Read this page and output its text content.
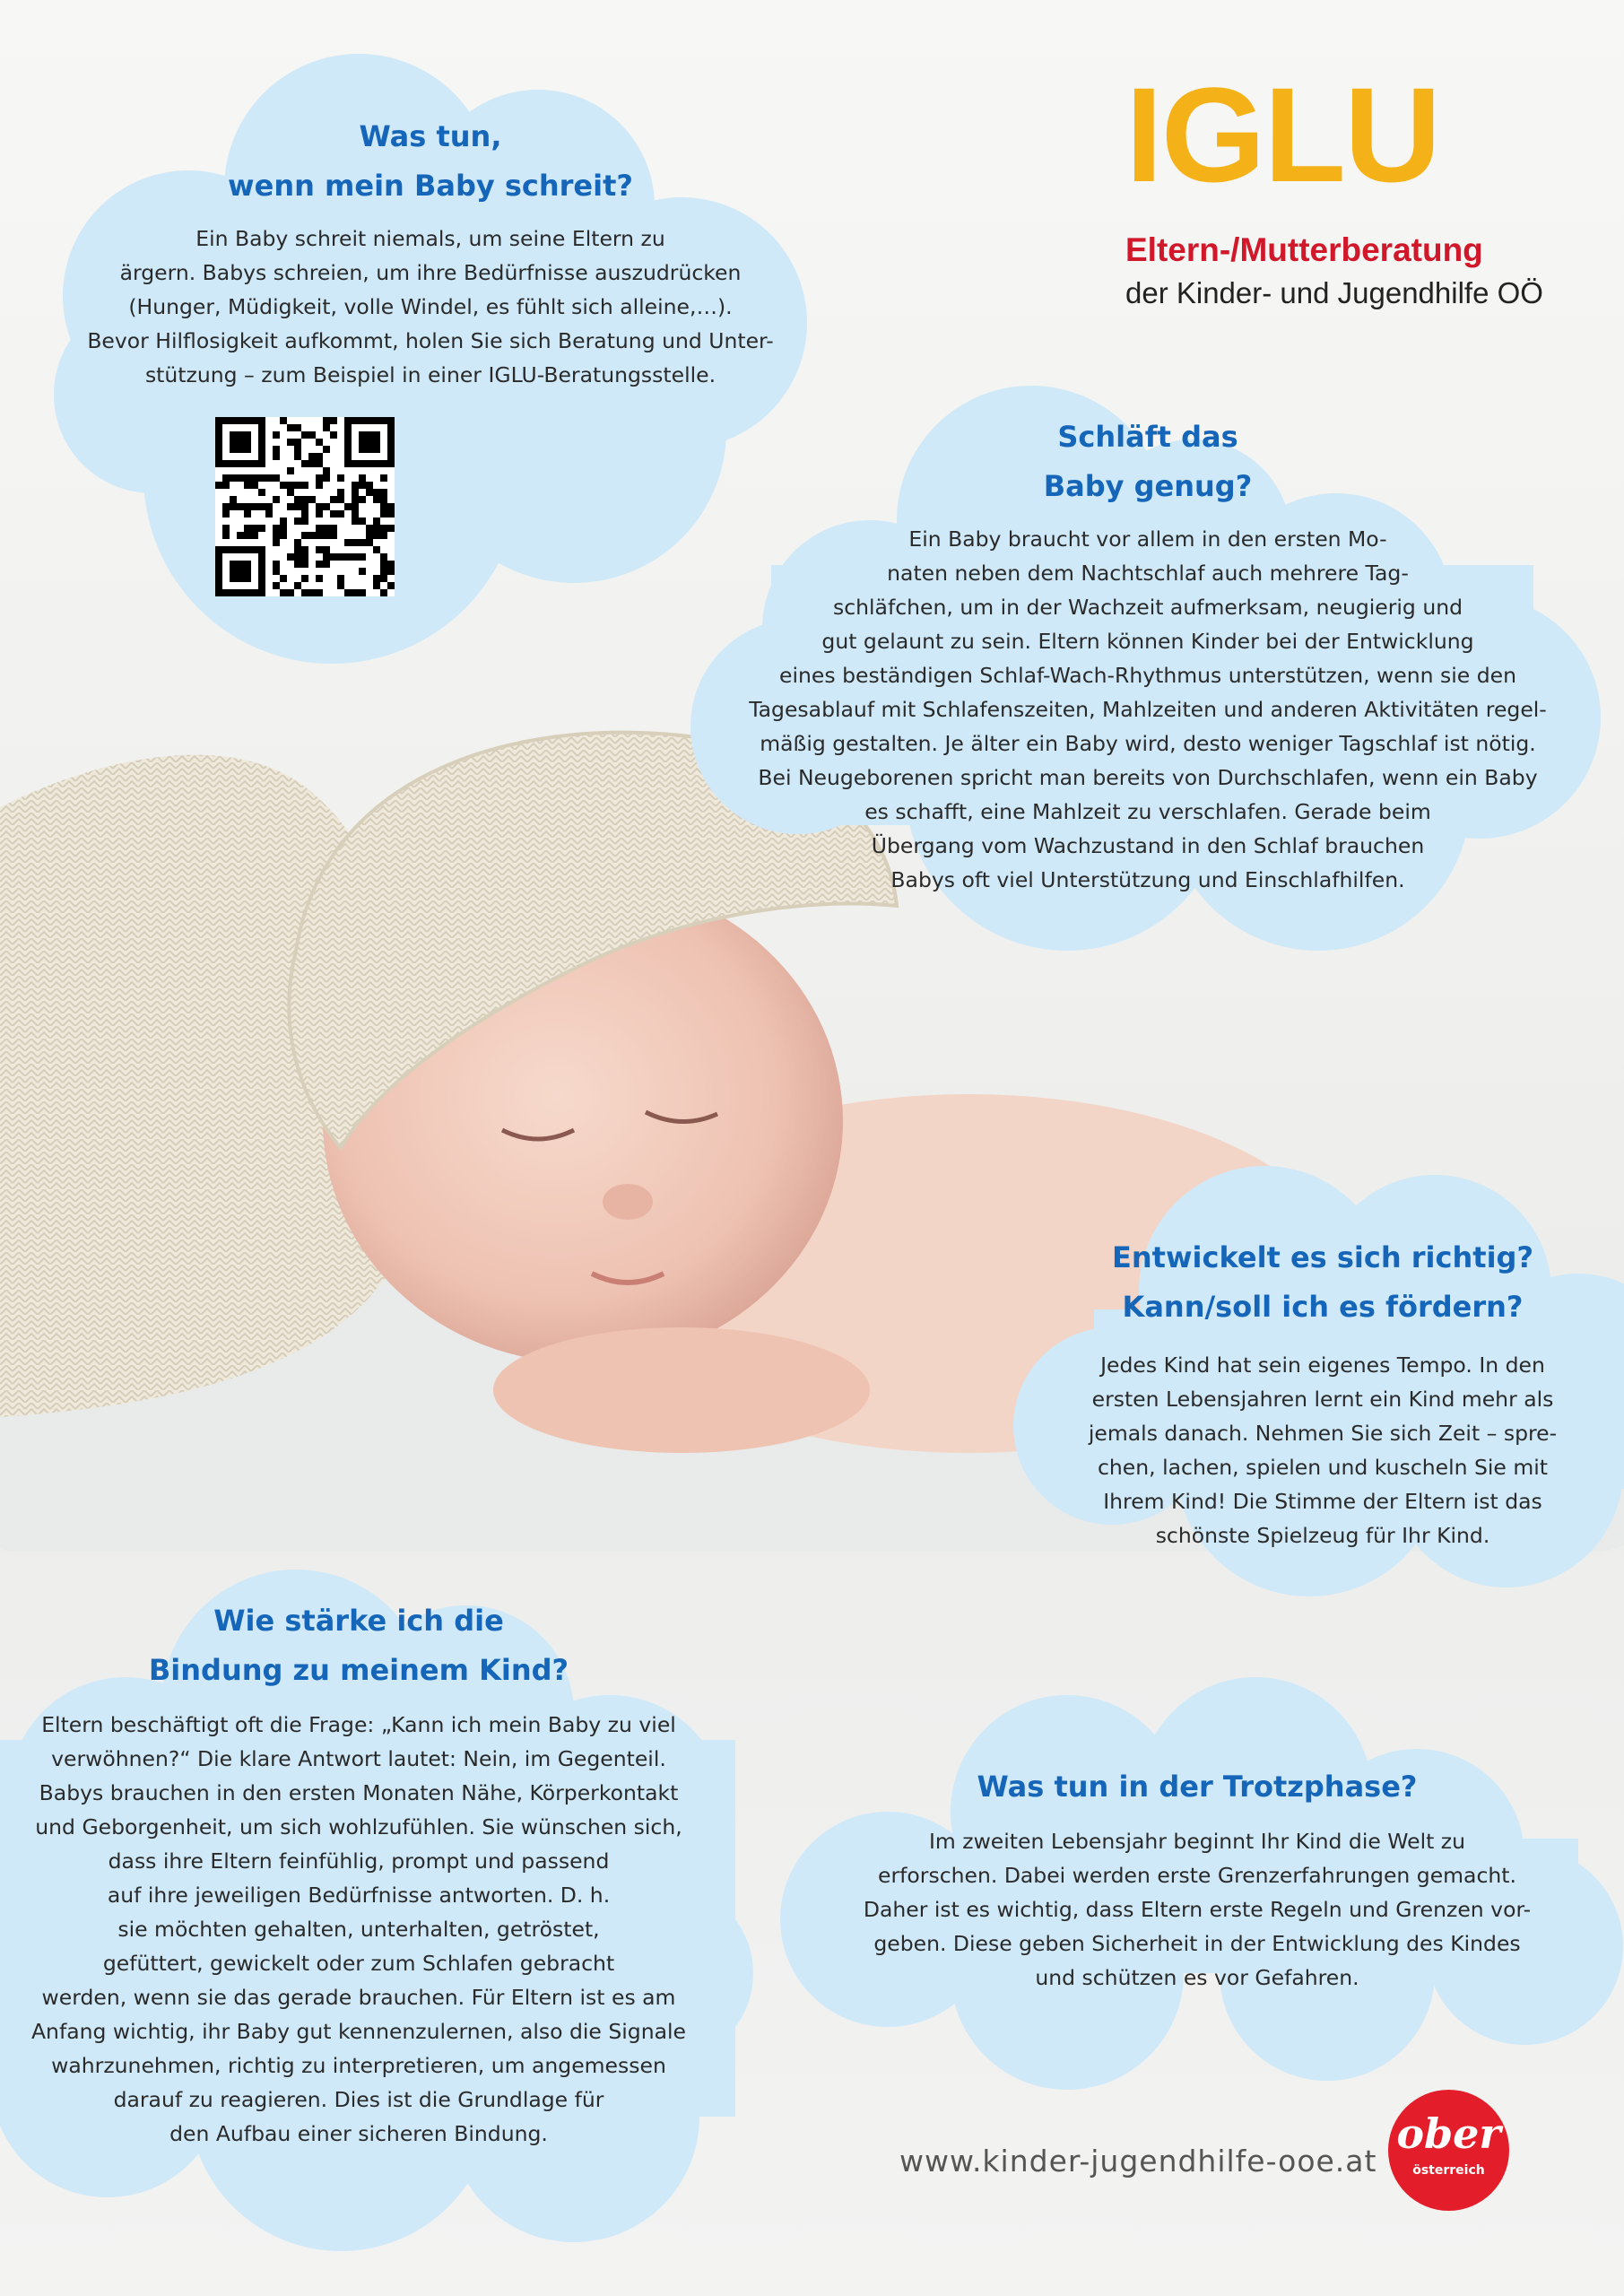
Was tun,
wenn mein Baby schreit?

Ein Baby schreit niemals, um seine Eltern zu
ärgern. Babys schreien, um ihre Bedürfnisse auszudrücken
(Hunger, Müdigkeit, volle Windel, es fühlt sich alleine,…).
Bevor Hilflosigkeit aufkommt, holen Sie sich Beratung und Unter-
stützung – zum Beispiel in einer IGLU-Beratungsstelle.

IGLU
Eltern-/Mutterberatung
der Kinder- und Jugendhilfe OÖ
Schläft das
Baby genug?

Ein Baby braucht vor allem in den ersten Mo-
naten neben dem Nachtschlaf auch mehrere Tag-
schläfchen, um in der Wachzeit aufmerksam, neugierig und
gut gelaunt zu sein. Eltern können Kinder bei der Entwicklung
eines beständigen Schlaf-Wach-Rhythmus unterstützen, wenn sie den
Tagesablauf mit Schlafenszeiten, Mahlzeiten und anderen Aktivitäten regel-
mäßig gestalten. Je älter ein Baby wird, desto weniger Tagschlaf ist nötig.
Bei Neugeborenen spricht man bereits von Durchschlafen, wenn ein Baby
es schafft, eine Mahlzeit zu verschlafen. Gerade beim
Übergang vom Wachzustand in den Schlaf brauchen
Babys oft viel Unterstützung und Einschlafhilfen.

Entwickelt es sich richtig?
Kann/soll ich es fördern?

Jedes Kind hat sein eigenes Tempo. In den
ersten Lebensjahren lernt ein Kind mehr als
jemals danach. Nehmen Sie sich Zeit – spre-
chen, lachen, spielen und kuscheln Sie mit
Ihrem Kind! Die Stimme der Eltern ist das
schönste Spielzeug für Ihr Kind.

Wie stärke ich die
Bindung zu meinem Kind?

Eltern beschäftigt oft die Frage: „Kann ich mein Baby zu viel
verwöhnen?“ Die klare Antwort lautet: Nein, im Gegenteil.
Babys brauchen in den ersten Monaten Nähe, Körperkontakt
und Geborgenheit, um sich wohlzufühlen. Sie wünschen sich,
dass ihre Eltern feinfühlig, prompt und passend
auf ihre jeweiligen Bedürfnisse antworten. D. h.
sie möchten gehalten, unterhalten, getröstet,
gefüttert, gewickelt oder zum Schlafen gebracht
werden, wenn sie das gerade brauchen. Für Eltern ist es am
Anfang wichtig, ihr Baby gut kennenzulernen, also die Signale
wahrzunehmen, richtig zu interpretieren, um angemessen
darauf zu reagieren. Dies ist die Grundlage für
den Aufbau einer sicheren Bindung.

Was tun in der Trotzphase?

Im zweiten Lebensjahr beginnt Ihr Kind die Welt zu
erforschen. Dabei werden erste Grenzerfahrungen gemacht.
Daher ist es wichtig, dass Eltern erste Regeln und Grenzen vor-
geben. Diese geben Sicherheit in der Entwicklung des Kindes
und schützen es vor Gefahren.

www.kinder-jugendhilfe-ooe.at
ober
österreich
